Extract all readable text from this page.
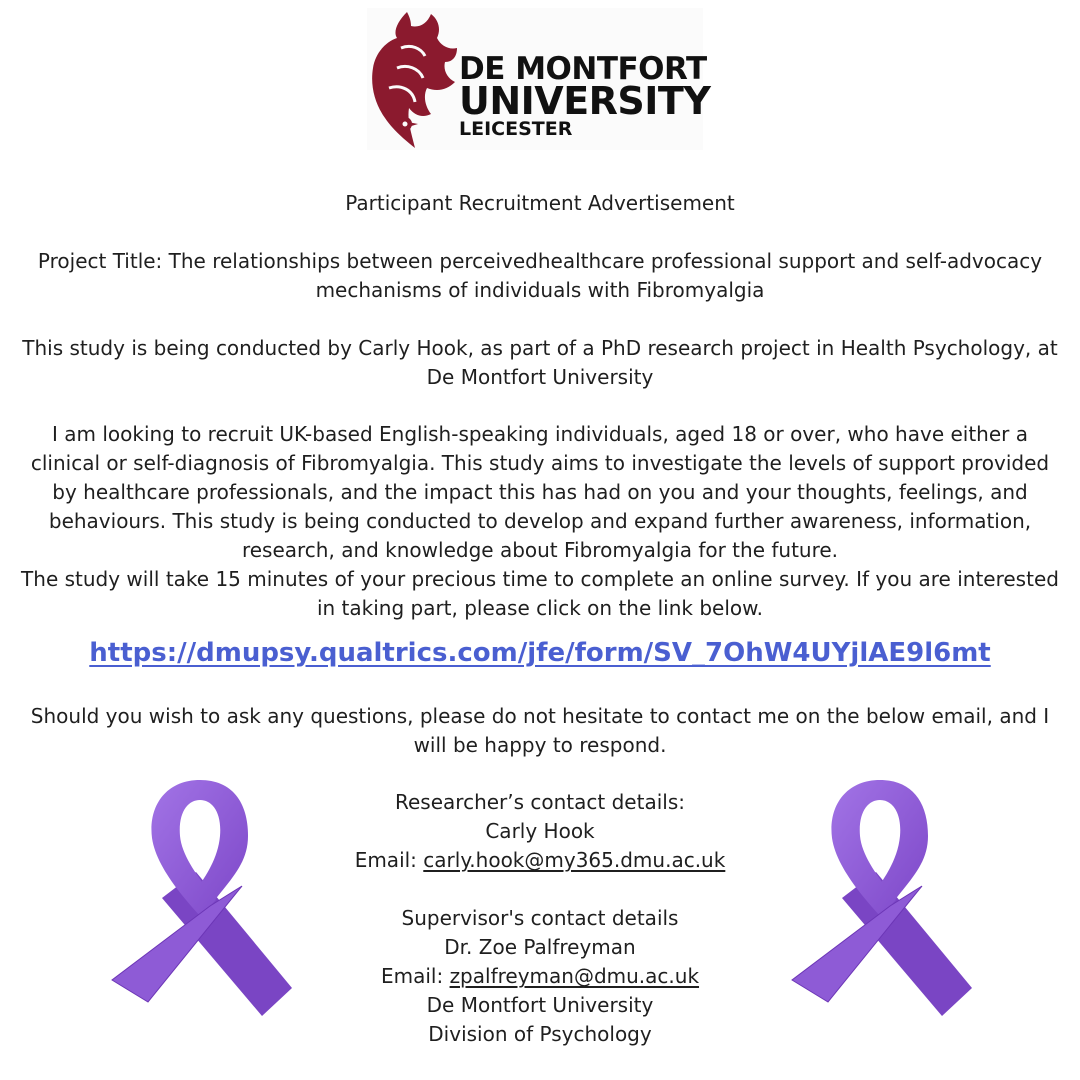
DE MONTFORT
UNIVERSITY
LEICESTER

Participant Recruitment Advertisement

Project Title: The relationships between perceivedhealthcare professional support and self-advocacy mechanisms of individuals with Fibromyalgia

This study is being conducted by Carly Hook, as part of a PhD research project in Health Psychology, at De Montfort University

I am looking to recruit UK-based English-speaking individuals, aged 18 or over, who have either a clinical or self-diagnosis of Fibromyalgia. This study aims to investigate the levels of support provided by healthcare professionals, and the impact this has had on you and your thoughts, feelings, and behaviours. This study is being conducted to develop and expand further awareness, information, research, and knowledge about Fibromyalgia for the future.

The study will take 15 minutes of your precious time to complete an online survey. If you are interested in taking part, please click on the link below.

https://dmupsy.qualtrics.com/jfe/form/SV_7OhW4UYjlAE9l6mt

Should you wish to ask any questions, please do not hesitate to contact me on the below email, and I will be happy to respond.

Researcher’s contact details:
Carly Hook
Email: carly.hook@my365.dmu.ac.uk
Supervisor's contact details
Dr. Zoe Palfreyman
Email: zpalfreyman@dmu.ac.uk
De Montfort University
Division of Psychology
